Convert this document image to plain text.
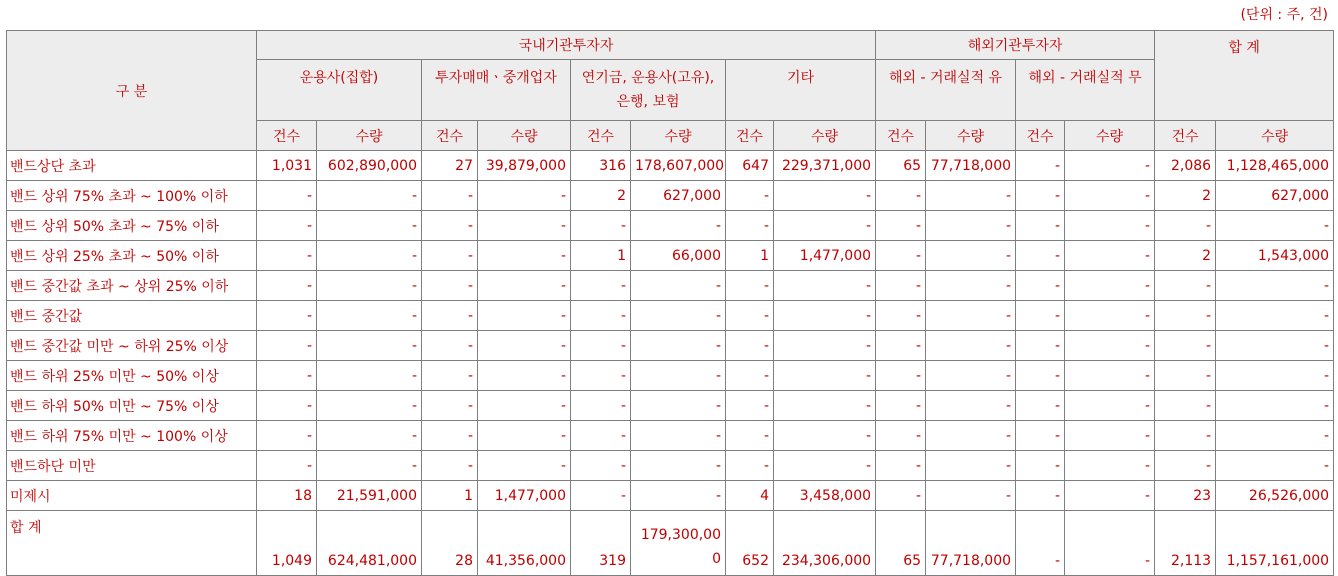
(단위 : 주, 건)
구 분	국내기관투자자								해외기관투자자				합 계	
	운용사(집합)		투자매매ㆍ중개업자		연기금, 운용사(고유), 은행, 보험		기타		해외 - 거래실적 유		해외 - 거래실적 무			
	건수	수량	건수	수량	건수	수량	건수	수량	건수	수량	건수	수량	건수	수량
밴드상단 초과	1,031	602,890,000	27	39,879,000	316	178,607,000	647	229,371,000	65	77,718,000	-	-	2,086	1,128,465,000
밴드 상위 75% 초과 ~ 100% 이하	-	-	-	-	2	627,000	-	-	-	-	-	-	2	627,000
밴드 상위 50% 초과 ~ 75% 이하	-	-	-	-	-	-	-	-	-	-	-	-	-	-
밴드 상위 25% 초과 ~ 50% 이하	-	-	-	-	1	66,000	1	1,477,000	-	-	-	-	2	1,543,000
밴드 중간값 초과 ~ 상위 25% 이하	-	-	-	-	-	-	-	-	-	-	-	-	-	-
밴드 중간값	-	-	-	-	-	-	-	-	-	-	-	-	-	-
밴드 중간값 미만 ~ 하위 25% 이상	-	-	-	-	-	-	-	-	-	-	-	-	-	-
밴드 하위 25% 미만 ~ 50% 이상	-	-	-	-	-	-	-	-	-	-	-	-	-	-
밴드 하위 50% 미만 ~ 75% 이상	-	-	-	-	-	-	-	-	-	-	-	-	-	-
밴드 하위 75% 미만 ~ 100% 이상	-	-	-	-	-	-	-	-	-	-	-	-	-	-
밴드하단 미만	-	-	-	-	-	-	-	-	-	-	-	-	-	-
미제시	18	21,591,000	1	1,477,000	-	-	4	3,458,000	-	-	-	-	23	26,526,000
합 계	1,049	624,481,000	28	41,356,000	319	179,300,000	652	234,306,000	65	77,718,000	-	-	2,113	1,157,161,000
